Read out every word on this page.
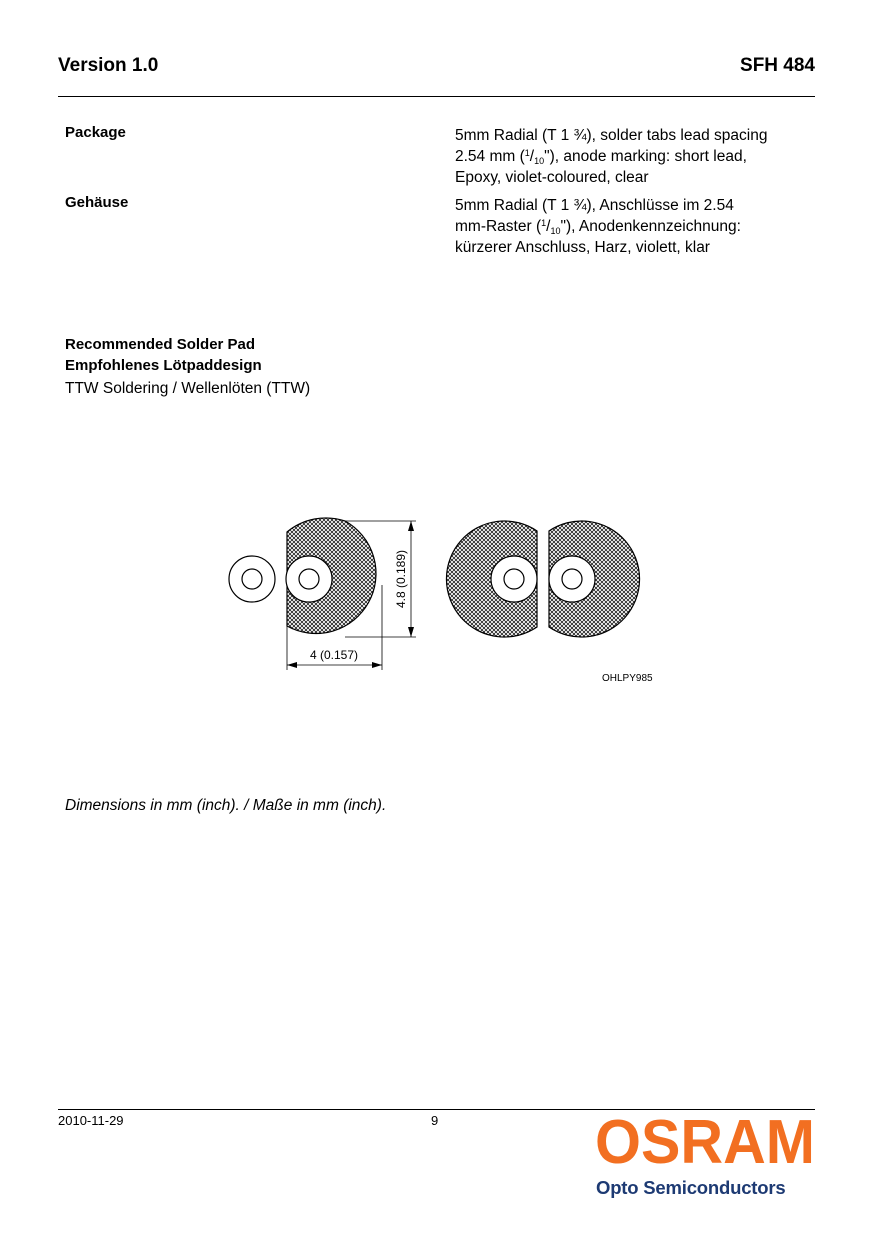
Version 1.0	SFH 484
Package	5mm Radial (T 1 ¾), solder tabs lead spacing
2.54 mm $(^1/_{10}")$, anode marking: short lead,
Epoxy, violet-coloured, clear
Gehäuse	5mm Radial (T 1 ¾), Anschlüsse im 2.54
mm-Raster $(^1/_{10}")$, Anodenkennzeichnung:
kürzerer Anschluss, Harz, violett, klar
Recommended Solder Pad
Empfohlenes Lötpaddesign
TTW Soldering / Wellenlöten (TTW)
4.8 (0.189)
4 (0.157)
OHLPY985
Dimensions in mm (inch). / Maße in mm (inch).
2010-11-29	9	OSRAM
Opto Semiconductors
